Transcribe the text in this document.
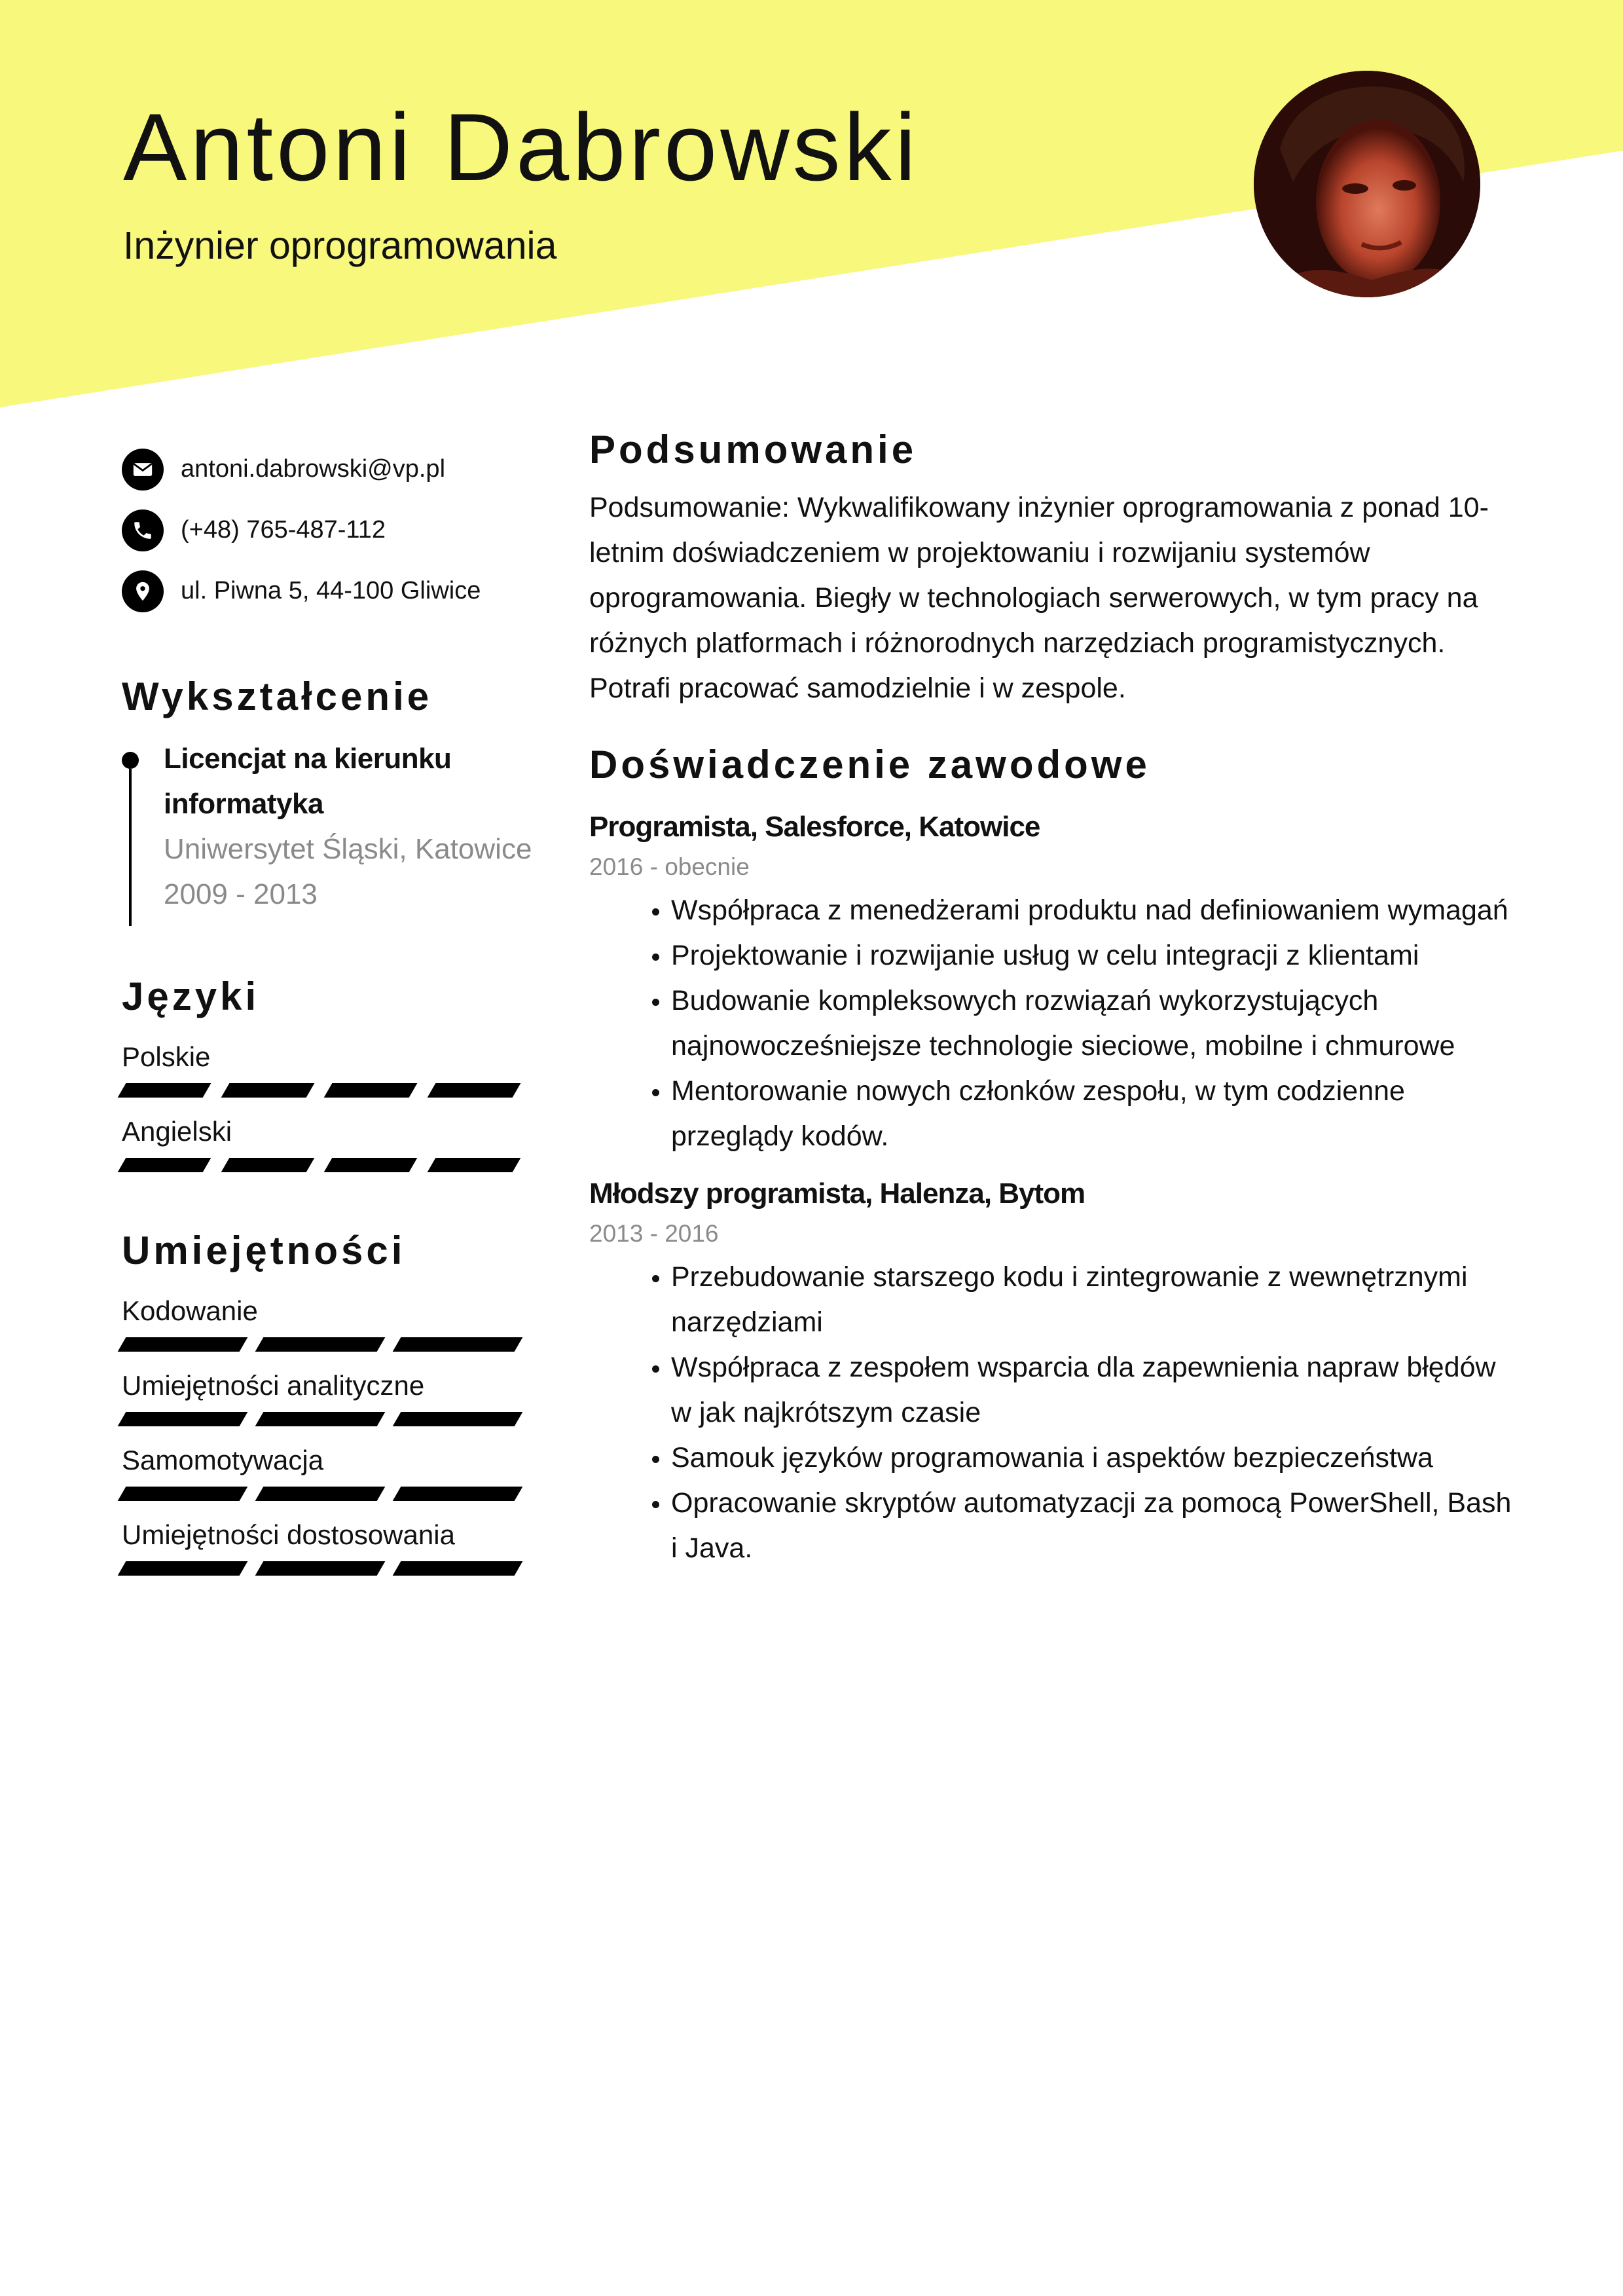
Antoni Dabrowski
Inżynier oprogramowania
antoni.dabrowski@vp.pl
(+48) 765-487-112
ul. Piwna 5, 44-100 Gliwice
Wykształcenie
Licencjat na kierunku informatyka
Uniwersytet Śląski, Katowice
2009 - 2013
Języki
Polskie
Angielski
Umiejętności
Kodowanie
Umiejętności analityczne
Samomotywacja
Umiejętności dostosowania
Podsumowanie
Podsumowanie: Wykwalifikowany inżynier oprogramowania z ponad 10-letnim doświadczeniem w projektowaniu i rozwijaniu systemów oprogramowania. Biegły w technologiach serwerowych, w tym pracy na różnych platformach i różnorodnych narzędziach programistycznych. Potrafi pracować samodzielnie i w zespole.
Doświadczenie zawodowe
Programista, Salesforce, Katowice
2016 - obecnie
• Współpraca z menedżerami produktu nad definiowaniem wymagań
• Projektowanie i rozwijanie usług w celu integracji z klientami
• Budowanie kompleksowych rozwiązań wykorzystujących najnowocześniejsze technologie sieciowe, mobilne i chmurowe
• Mentorowanie nowych członków zespołu, w tym codzienne przeglądy kodów.
Młodszy programista, Halenza, Bytom
2013 - 2016
• Przebudowanie starszego kodu i zintegrowanie z wewnętrznymi narzędziami
• Współpraca z zespołem wsparcia dla zapewnienia napraw błędów w jak najkrótszym czasie
• Samouk języków programowania i aspektów bezpieczeństwa
• Opracowanie skryptów automatyzacji za pomocą PowerShell, Bash i Java.
